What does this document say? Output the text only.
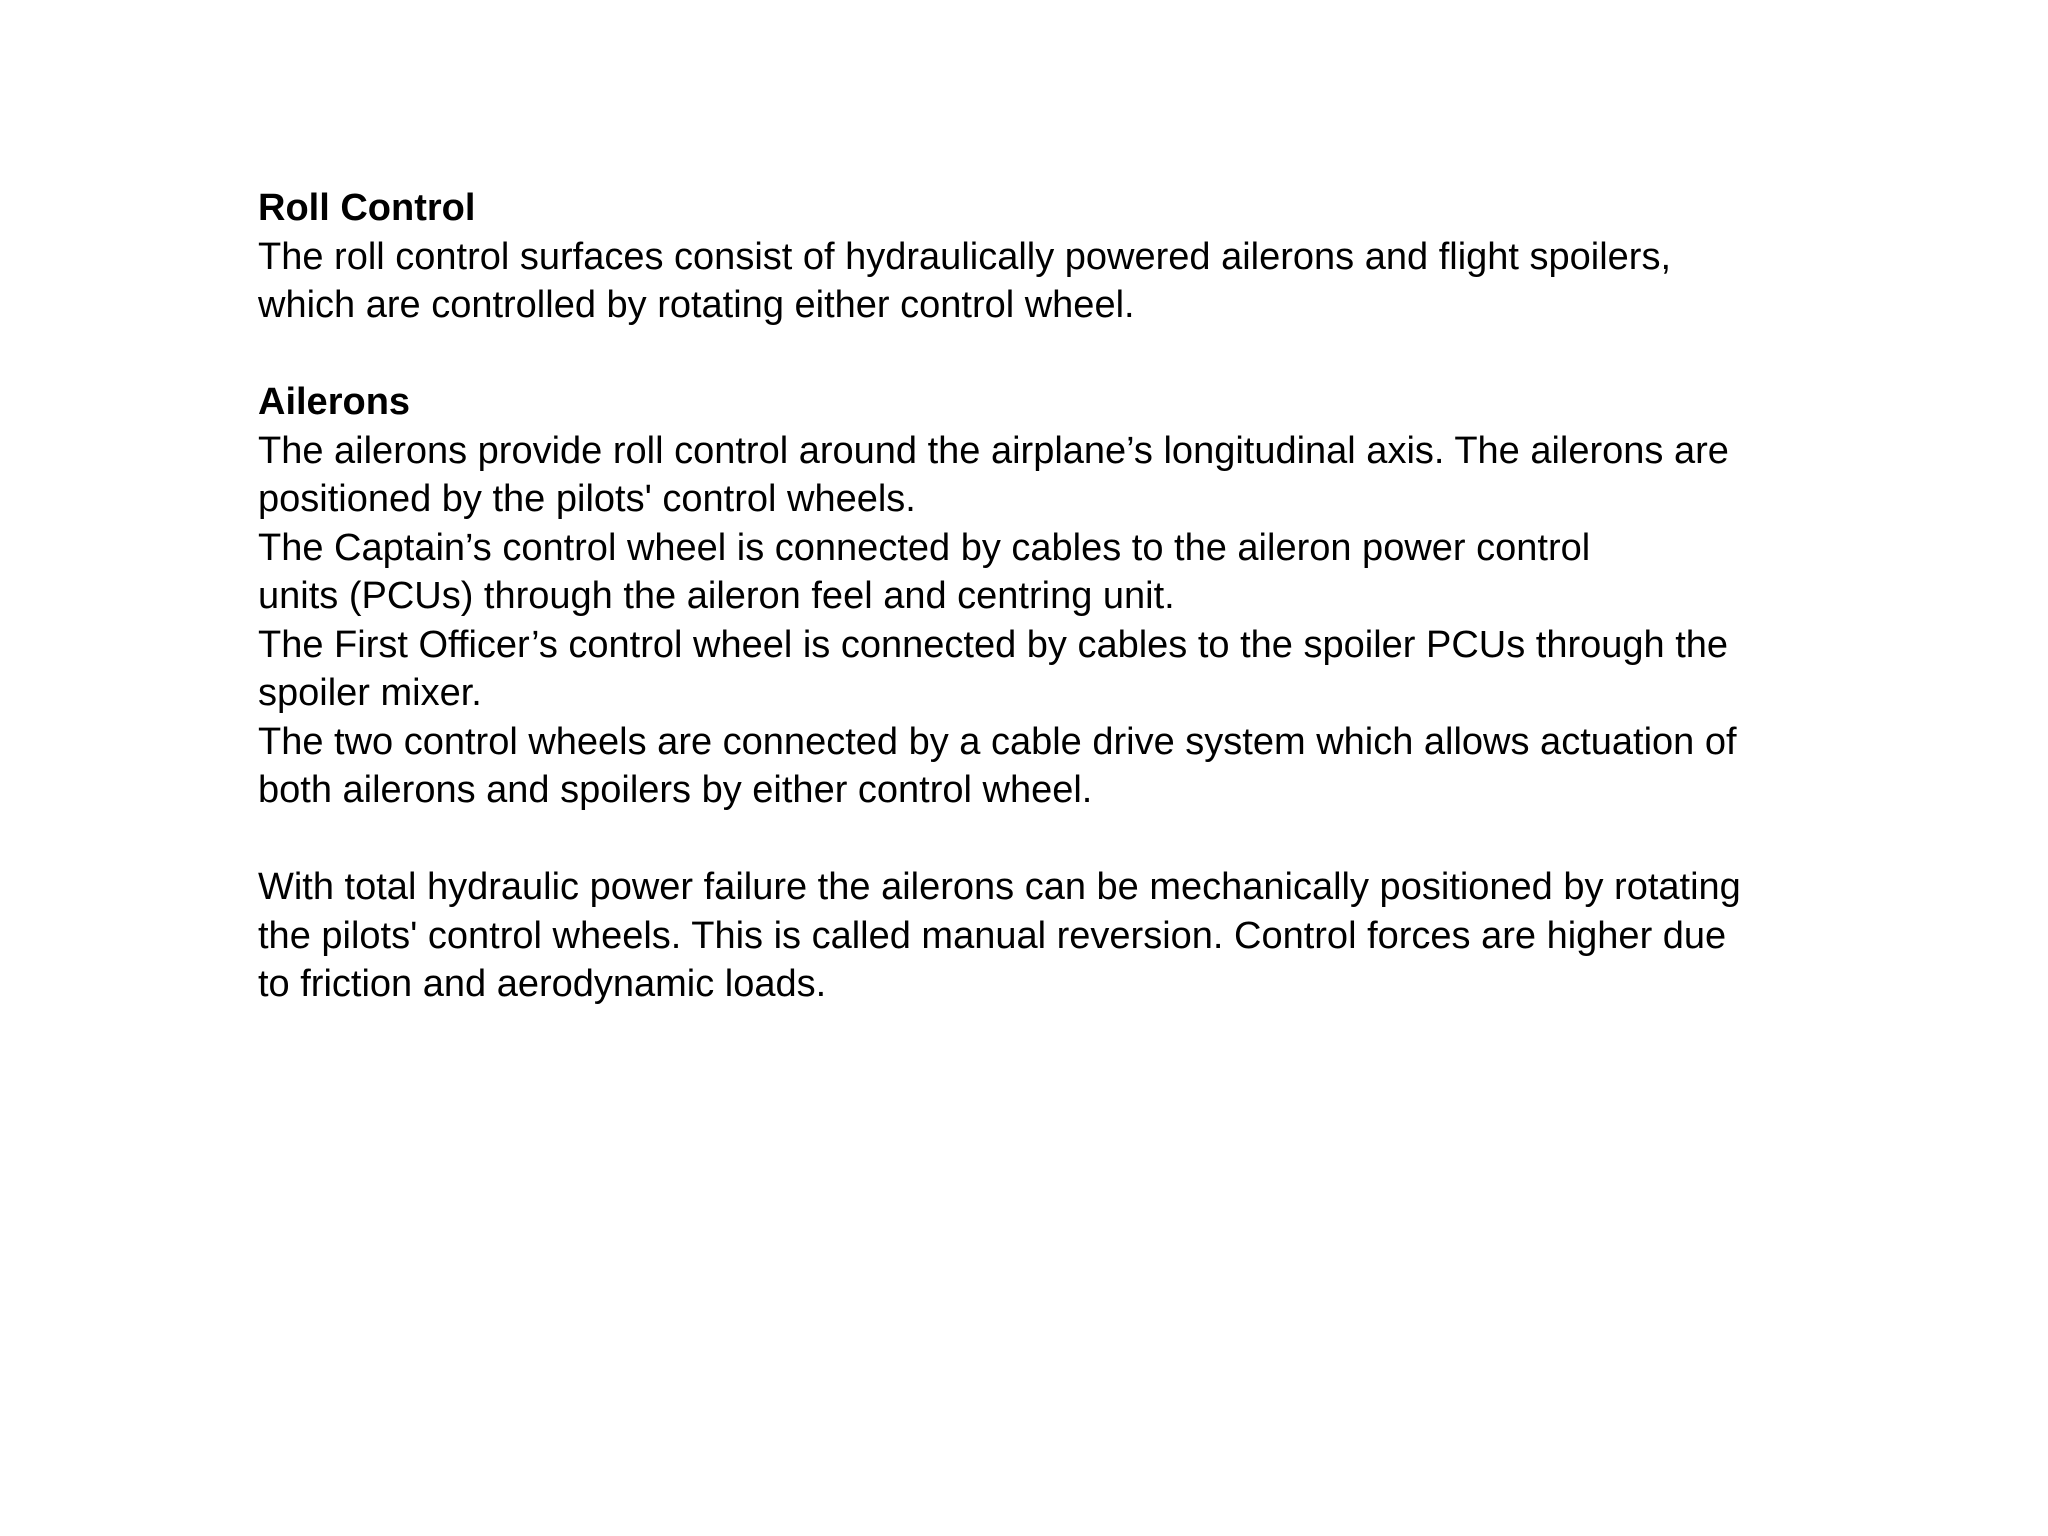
Roll Control
The roll control surfaces consist of hydraulically powered ailerons and flight spoilers,
which are controlled by rotating either control wheel.
Ailerons
The ailerons provide roll control around the airplane’s longitudinal axis. The ailerons are
positioned by the pilots' control wheels.
The Captain’s control wheel is connected by cables to the aileron power control
units (PCUs) through the aileron feel and centring unit.
The First Officer’s control wheel is connected by cables to the spoiler PCUs through the
spoiler mixer.
The two control wheels are connected by a cable drive system which allows actuation of
both ailerons and spoilers by either control wheel.
With total hydraulic power failure the ailerons can be mechanically positioned by rotating
the pilots' control wheels. This is called manual reversion. Control forces are higher due
to friction and aerodynamic loads.
